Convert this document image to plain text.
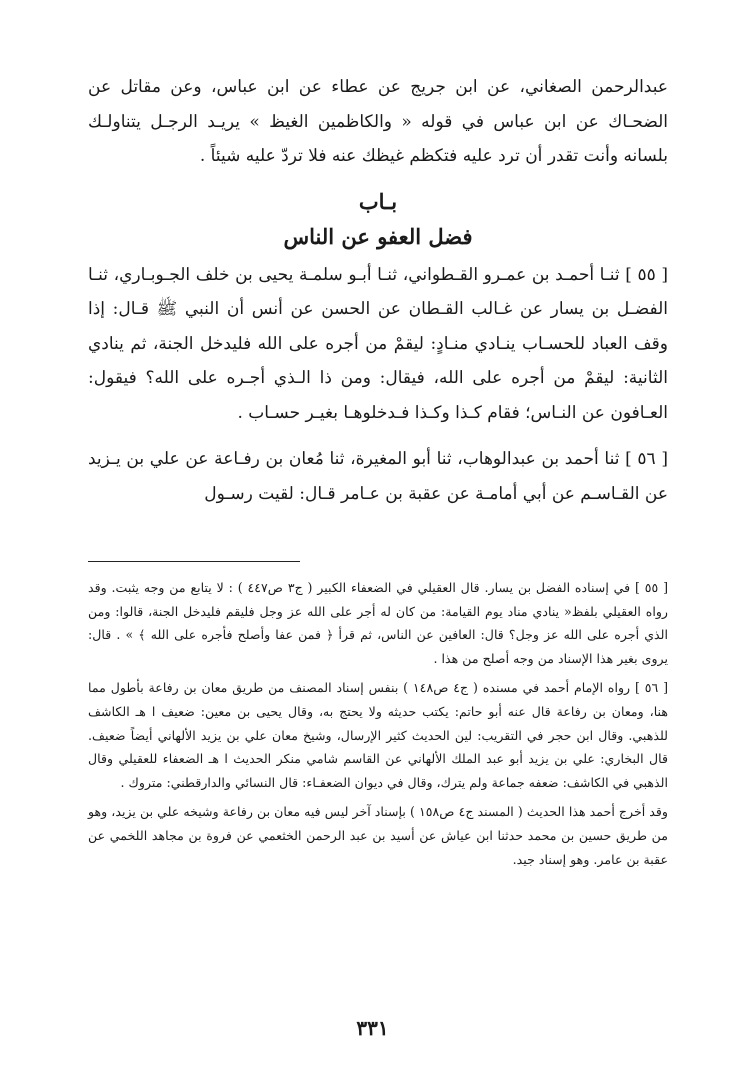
عبدالرحمن الصغاني، عن ابن جريج عن عطاء عن ابن عباس، وعن مقاتل عن الضحـاك عن ابن عباس في قوله « والكاظمين الغيظ » يريـد الرجـل يتناولـك بلسانه وأنت تقدر أن ترد عليه فتكظم غيظك عنه فلا تردّ عليه شيئاً .

بـاب
فضل العفو عن الناس

[ ٥٥ ] ثنـا أحمـد بن عمـرو القـطواني، ثنـا أبـو سلمـة يحيى بن خلف الجـوبـاري، ثنـا الفضـل بن يسار عن غـالب القـطان عن الحسن عن أنس أن النبي ﷺ قـال: إذا وقف العباد للحسـاب ينـادي منـادٍ: ليقمْ من أجره على الله فليدخل الجنة، ثم ينادي الثانية: ليقمْ من أجره على الله، فيقال: ومن ذا الـذي أجـره على الله؟ فيقول: العـافون عن النـاس؛ فقام كـذا وكـذا فـدخلوهـا بغيـر حسـاب .

[ ٥٦ ] ثنا أحمد بن عبدالوهاب، ثنا أبو المغيرة، ثنا مُعان بن رفـاعة عن علي بن يـزيد عن القـاسـم عن أبي أمامـة عن عقبة بن عـامر قـال: لقيت رسـول

[ ٥٥ ] في إسناده الفضل بن يسار. قال العقيلي في الضعفاء الكبير ( ج٣ ص٤٤٧ ) : لا يتابع من وجه يثبت. وقد رواه العقيلي بلفظ« ينادي مناد يوم القيامة: من كان له أجر على الله عز وجل فليقم فليدخل الجنة، قالوا: ومن الذي أجره على الله عز وجل؟ قال: العافين عن الناس، ثم قرأ ﴿ فمن عفا وأصلح فأجره على الله ﴾ » . قال: يروى بغير هذا الإسناد من وجه أصلح من هذا .

[ ٥٦ ] رواه الإمام أحمد في مسنده ( ج٤ ص١٤٨ ) بنفس إسناد المصنف من طريق معان بن رفاعة بأطول مما هنا، ومعان بن رفاعة قال عنه أبو حاتم: يكتب حديثه ولا يحتج به، وقال يحيى بن معين: ضعيف ا هـ الكاشف للذهبي. وقال ابن حجر في التقريب: لين الحديث كثير الإرسال، وشيخ معان علي بن يزيد الألهاني أيضاً ضعيف. قال البخاري: علي بن يزيد أبو عبد الملك الألهاني عن القاسم شامي منكر الحديث ا هـ الضعفاء للعقيلي وقال الذهبي في الكاشف: ضعفه جماعة ولم يترك، وقال في ديوان الضعفـاء: قال النسائي والدارقطني: متروك .

وقد أخرج أحمد هذا الحديث ( المسند ج٤ ص١٥٨ ) بإسناد آخر ليس فيه معان بن رفاعة وشيخه علي بن يزيد، وهو من طريق حسين بن محمد حدثنا ابن عياش عن أسيد بن عبد الرحمن الخثعمي عن فروة بن مجاهد اللخمي عن عقبة بن عامر. وهو إسناد جيد.

٣٣١
